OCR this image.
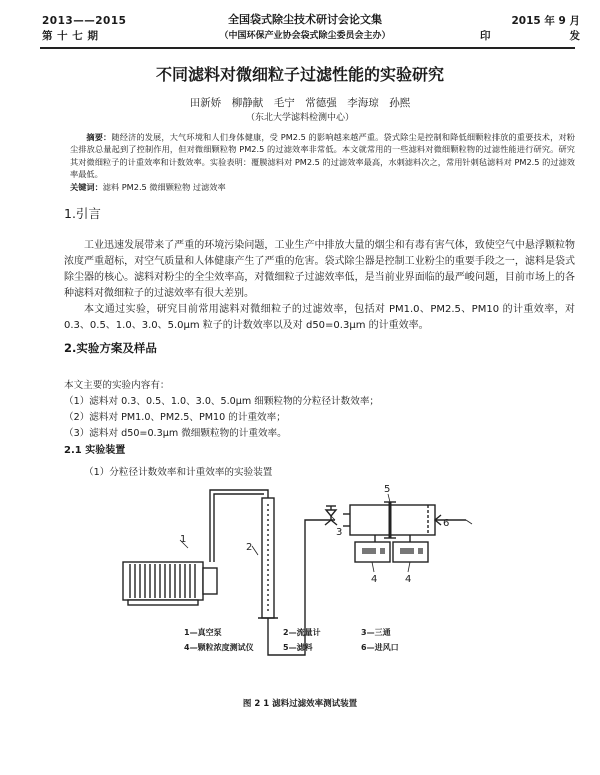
2013——2015
第 十 七 期
全国袋式除尘技术研讨会论文集
（中国环保产业协会袋式除尘委员会主办）
2015 年 9 月
印	发
不同滤料对微细粒子过滤性能的实验研究
田新娇　柳静献　毛宁　常德强　李海琼　孙熙
（东北大学滤料检测中心）
摘要：随经济的发展，大气环境和人们身体健康，受 PM2.5 的影响越来越严重。袋式除尘是控制和降低细颗粒排放的重要技术，对粉尘排放总量起到了控制作用，但对微细颗粒物 PM2.5 的过滤效率非常低。本文就常用的一些滤料对微细颗粒物的过滤性能进行研究。研究其对微细粒子的计重效率和计数效率。实验表明：覆膜滤料对 PM2.5 的过滤效率最高，水刺滤料次之，常用针刺毡滤料对 PM2.5 的过滤效率最低。
关键词：滤料 PM2.5 微细颗粒物 过滤效率
1.引言
工业迅速发展带来了严重的环境污染问题，工业生产中排放大量的烟尘和有毒有害气体，致使空气中悬浮颗粒物浓度严重超标，对空气质量和人体健康产生了严重的危害。袋式除尘器是控制工业粉尘的重要手段之一，滤料是袋式除尘器的核心。滤料对粉尘的全尘效率高，对微细粒子过滤效率低，是当前业界面临的最严峻问题，目前市场上的各种滤料对微细粒子的过滤效率有很大差别。
本文通过实验，研究目前常用滤料对微细粒子的过滤效率，包括对 PM1.0、PM2.5、PM10 的计重效率，对 0.3、0.5、1.0、3.0、5.0μm 粒子的计数效率以及对 d50=0.3μm 的计重效率。
2.实验方案及样品
本文主要的实验内容有：
（1）滤料对 0.3、0.5、1.0、3.0、5.0μm 细颗粒物的分粒径计数效率；
（2）滤料对 PM1.0、PM2.5、PM10 的计重效率；
（3）滤料对 d50=0.3μm 微细颗粒物的计重效率。
2.1 实验装置
（1）分粒径计数效率和计重效率的实验装置
1
2
3
5
6
4	4
1—真空泵	2—流量计	3—三通
4—颗粒浓度测试仪	5—滤料	6—进风口
图 2 1 滤料过滤效率测试装置
